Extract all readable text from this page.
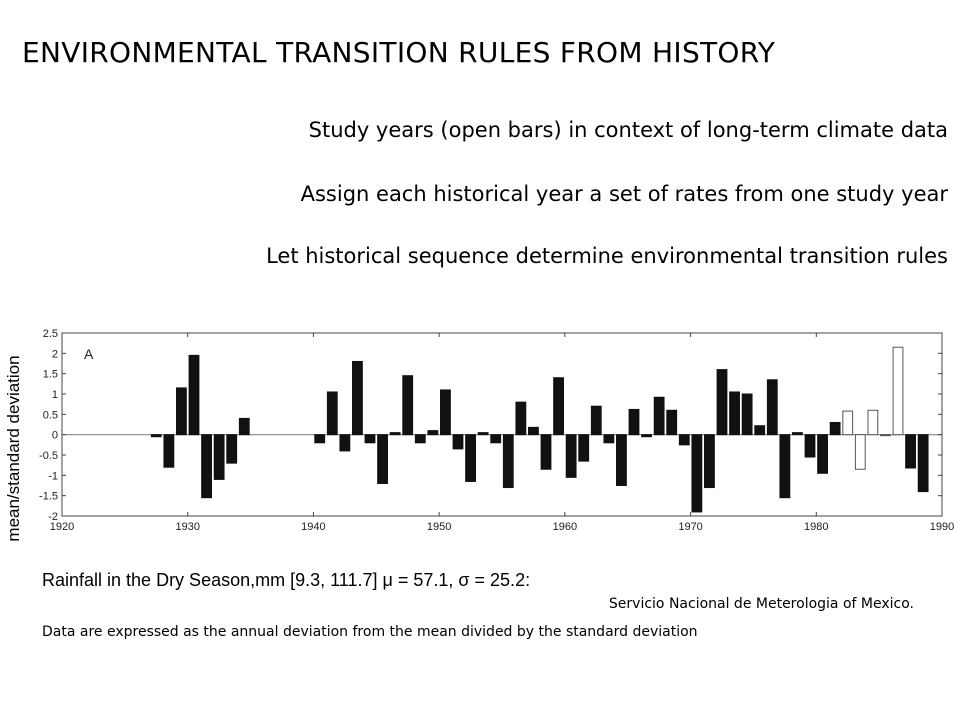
ENVIRONMENTAL TRANSITION RULES FROM HISTORY
Study years (open bars) in context of long-term climate data
Assign each historical year a set of rates from one study year
Let historical sequence determine environmental transition rules
2.5
2
1.5
1
0.5
0
-0.5
-1
-1.5
-2
1920	1930	1940	1950	1960	1970	1980	1990
A
mean/standard deviation
Rainfall in the Dry Season,mm [9.3, 111.7] μ = 57.1, σ = 25.2:
Servicio Nacional de Meterologia of Mexico.
Data are expressed as the annual deviation from the mean divided by the standard deviation
